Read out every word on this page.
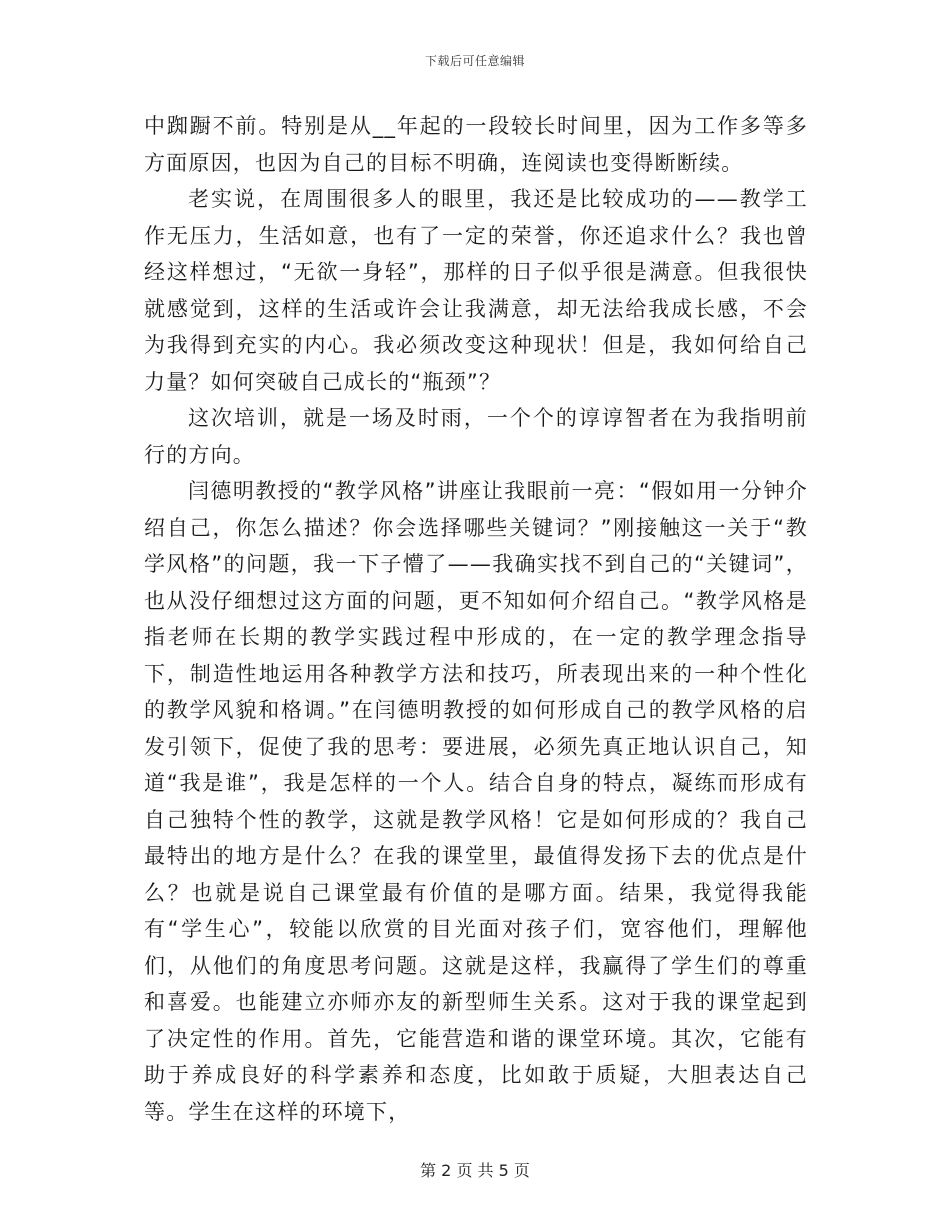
下载后可任意编辑

中踟蹰不前。特别是从__年起的一段较长时间里，因为工作多等多方面原因，也因为自己的目标不明确，连阅读也变得断断续。

老实说，在周围很多人的眼里，我还是比较成功的——教学工作无压力，生活如意，也有了一定的荣誉，你还追求什么？我也曾经这样想过，“无欲一身轻”，那样的日子似乎很是满意。但我很快就感觉到，这样的生活或许会让我满意，却无法给我成长感，不会为我得到充实的内心。我必须改变这种现状！但是，我如何给自己力量？如何突破自己成长的“瓶颈”？

这次培训，就是一场及时雨，一个个的谆谆智者在为我指明前行的方向。

闫德明教授的“教学风格”讲座让我眼前一亮：“假如用一分钟介绍自己，你怎么描述？你会选择哪些关键词？”刚接触这一关于“教学风格”的问题，我一下子懵了——我确实找不到自己的“关键词”，也从没仔细想过这方面的问题，更不知如何介绍自己。“教学风格是指老师在长期的教学实践过程中形成的，在一定的教学理念指导下，制造性地运用各种教学方法和技巧，所表现出来的一种个性化的教学风貌和格调。”在闫德明教授的如何形成自己的教学风格的启发引领下，促使了我的思考：要进展，必须先真正地认识自己，知道“我是谁”，我是怎样的一个人。结合自身的特点，凝练而形成有自己独特个性的教学，这就是教学风格！它是如何形成的？我自己最特出的地方是什么？在我的课堂里，最值得发扬下去的优点是什么？也就是说自己课堂最有价值的是哪方面。结果，我觉得我能有“学生心”，较能以欣赏的目光面对孩子们，宽容他们，理解他们，从他们的角度思考问题。这就是这样，我赢得了学生们的尊重和喜爱。也能建立亦师亦友的新型师生关系。这对于我的课堂起到了决定性的作用。首先，它能营造和谐的课堂环境。其次，它能有助于养成良好的科学素养和态度，比如敢于质疑，大胆表达自己等。学生在这样的环境下，

第 2 页 共 5 页
